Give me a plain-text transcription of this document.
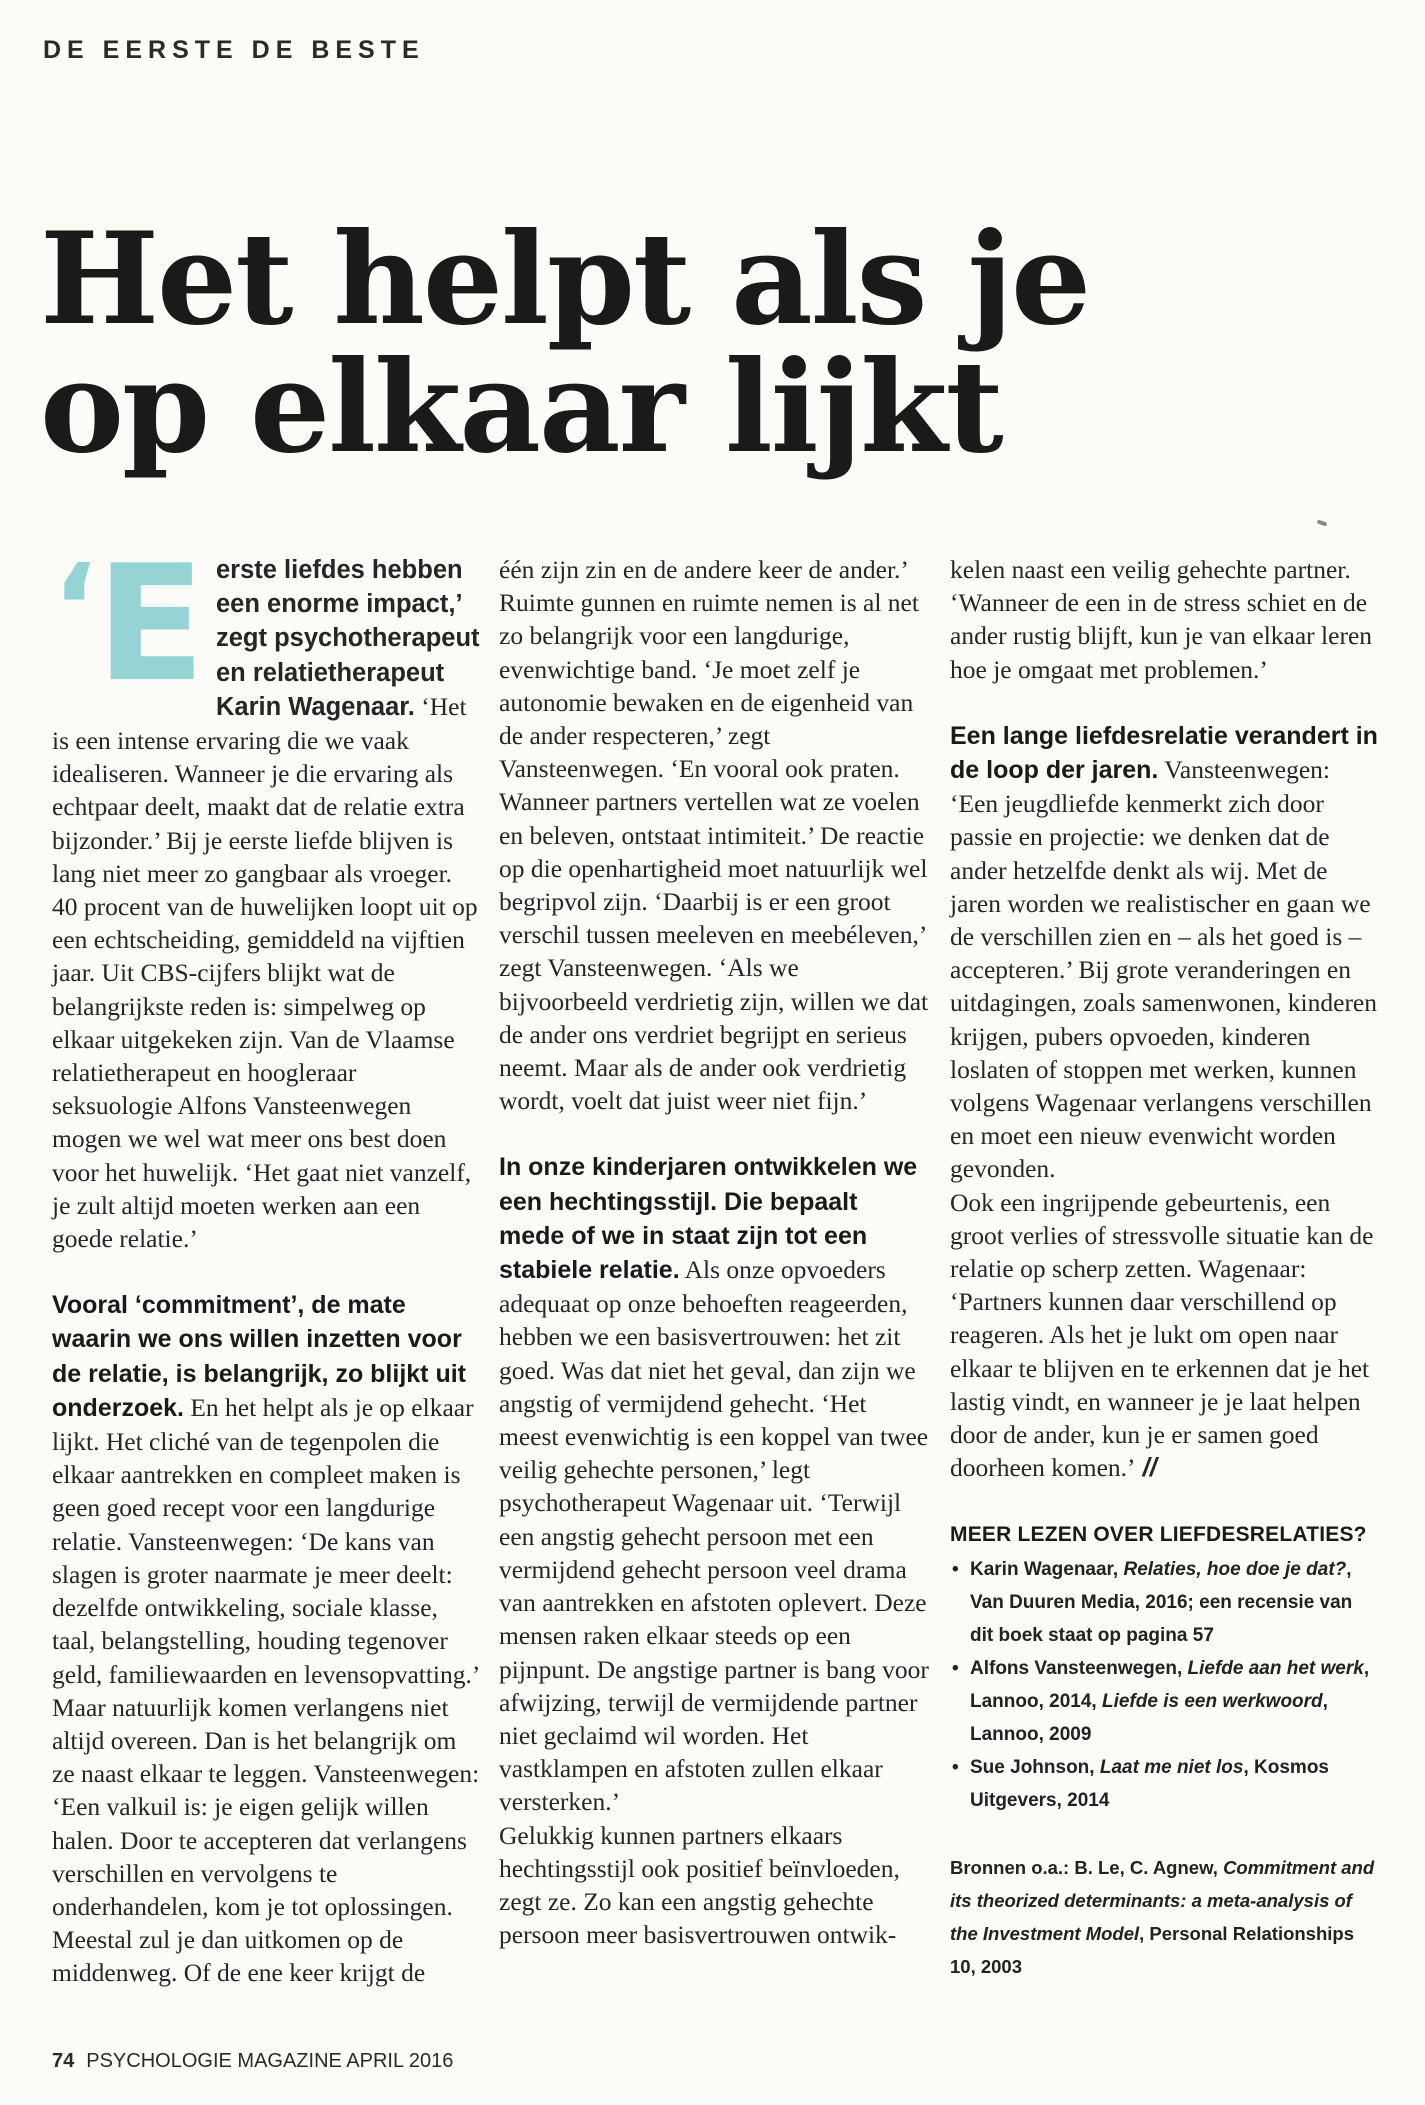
DE EERSTE DE BESTE
Het helpt als je
op elkaar lijkt
‘
E erste liefdes hebben een enorme impact,’ zegt psychotherapeut en relatietherapeut Karin Wagenaar. ‘Het is een intense ervaring die we vaak idealiseren. Wanneer je die ervaring als echtpaar deelt, maakt dat de relatie extra bijzonder.’ Bij je eerste liefde blijven is lang niet meer zo gangbaar als vroeger. 40 procent van de huwelijken loopt uit op een echtscheiding, gemiddeld na vijftien jaar. Uit CBS-cijfers blijkt wat de belangrijkste reden is: simpelweg op elkaar uitgekeken zijn. Van de Vlaamse relatietherapeut en hoogleraar seksuologie Alfons Vansteenwegen mogen we wel wat meer ons best doen voor het huwelijk. ‘Het gaat niet vanzelf, je zult altijd moeten werken aan een goede relatie.’

Vooral ‘commitment’, de mate waarin we ons willen inzetten voor de relatie, is belangrijk, zo blijkt uit onderzoek. En het helpt als je op elkaar lijkt. Het cliché van de tegenpolen die elkaar aantrekken en compleet maken is geen goed recept voor een langdurige relatie. Vansteenwegen: ‘De kans van slagen is groter naarmate je meer deelt: dezelfde ontwikkeling, sociale klasse, taal, belangstelling, houding tegenover geld, familiewaarden en levensopvatting.’

Maar natuurlijk komen verlangens niet altijd overeen. Dan is het belangrijk om ze naast elkaar te leggen. Vansteenwegen: ‘Een valkuil is: je eigen gelijk willen halen. Door te accepteren dat verlangens verschillen en vervolgens te onderhandelen, kom je tot oplossingen. Meestal zul je dan uitkomen op de middenweg. Of de ene keer krijgt de

één zijn zin en de andere keer de ander.’ Ruimte gunnen en ruimte nemen is al net zo belangrijk voor een langdurige, evenwichtige band. ‘Je moet zelf je autonomie bewaken en de eigenheid van de ander respecteren,’ zegt Vansteenwegen. ‘En vooral ook praten. Wanneer partners vertellen wat ze voelen en beleven, ontstaat intimiteit.’ De reactie op die openhartigheid moet natuurlijk wel begripvol zijn. ‘Daarbij is er een groot verschil tussen meeleven en meebéleven,’ zegt Vansteenwegen. ‘Als we bijvoorbeeld verdrietig zijn, willen we dat de ander ons verdriet begrijpt en serieus neemt. Maar als de ander ook verdrietig wordt, voelt dat juist weer niet fijn.’

In onze kinderjaren ontwikkelen we een hechtingsstijl. Die bepaalt mede of we in staat zijn tot een stabiele relatie. Als onze opvoeders adequaat op onze behoeften reageerden, hebben we een basisvertrouwen: het zit goed. Was dat niet het geval, dan zijn we angstig of vermijdend gehecht. ‘Het meest evenwichtig is een koppel van twee veilig gehechte personen,’ legt psychotherapeut Wagenaar uit. ‘Terwijl een angstig gehecht persoon met een vermijdend gehecht persoon veel drama van aantrekken en afstoten oplevert. Deze mensen raken elkaar steeds op een pijnpunt. De angstige partner is bang voor afwijzing, terwijl de vermijdende partner niet geclaimd wil worden. Het vastklampen en afstoten zullen elkaar versterken.’

Gelukkig kunnen partners elkaars hechtingsstijl ook positief beïnvloeden, zegt ze. Zo kan een angstig gehechte persoon meer basisvertrouwen ontwik-

kelen naast een veilig gehechte partner. ‘Wanneer de een in de stress schiet en de ander rustig blijft, kun je van elkaar leren hoe je omgaat met problemen.’

Een lange liefdesrelatie verandert in de loop der jaren. Vansteenwegen: ‘Een jeugdliefde kenmerkt zich door passie en projectie: we denken dat de ander hetzelfde denkt als wij. Met de jaren worden we realistischer en gaan we de verschillen zien en – als het goed is – accepteren.’ Bij grote veranderingen en uitdagingen, zoals samenwonen, kinderen krijgen, pubers opvoeden, kinderen loslaten of stoppen met werken, kunnen volgens Wagenaar verlangens verschillen en moet een nieuw evenwicht worden gevonden.

Ook een ingrijpende gebeurtenis, een groot verlies of stressvolle situatie kan de relatie op scherp zetten. Wagenaar: ‘Partners kunnen daar verschillend op reageren. Als het je lukt om open naar elkaar te blijven en te erkennen dat je het lastig vindt, en wanneer je je laat helpen door de ander, kun je er samen goed doorheen komen.’ //

MEER LEZEN OVER LIEFDESRELATIES?
• Karin Wagenaar, Relaties, hoe doe je dat?, Van Duuren Media, 2016; een recensie van dit boek staat op pagina 57
• Alfons Vansteenwegen, Liefde aan het werk, Lannoo, 2014, Liefde is een werkwoord, Lannoo, 2009
• Sue Johnson, Laat me niet los, Kosmos Uitgevers, 2014
Bronnen o.a.: B. Le, C. Agnew, Commitment and its theorized determinants: a meta-analysis of the Investment Model, Personal Relationships 10, 2003
74 PSYCHOLOGIE MAGAZINE APRIL 2016
